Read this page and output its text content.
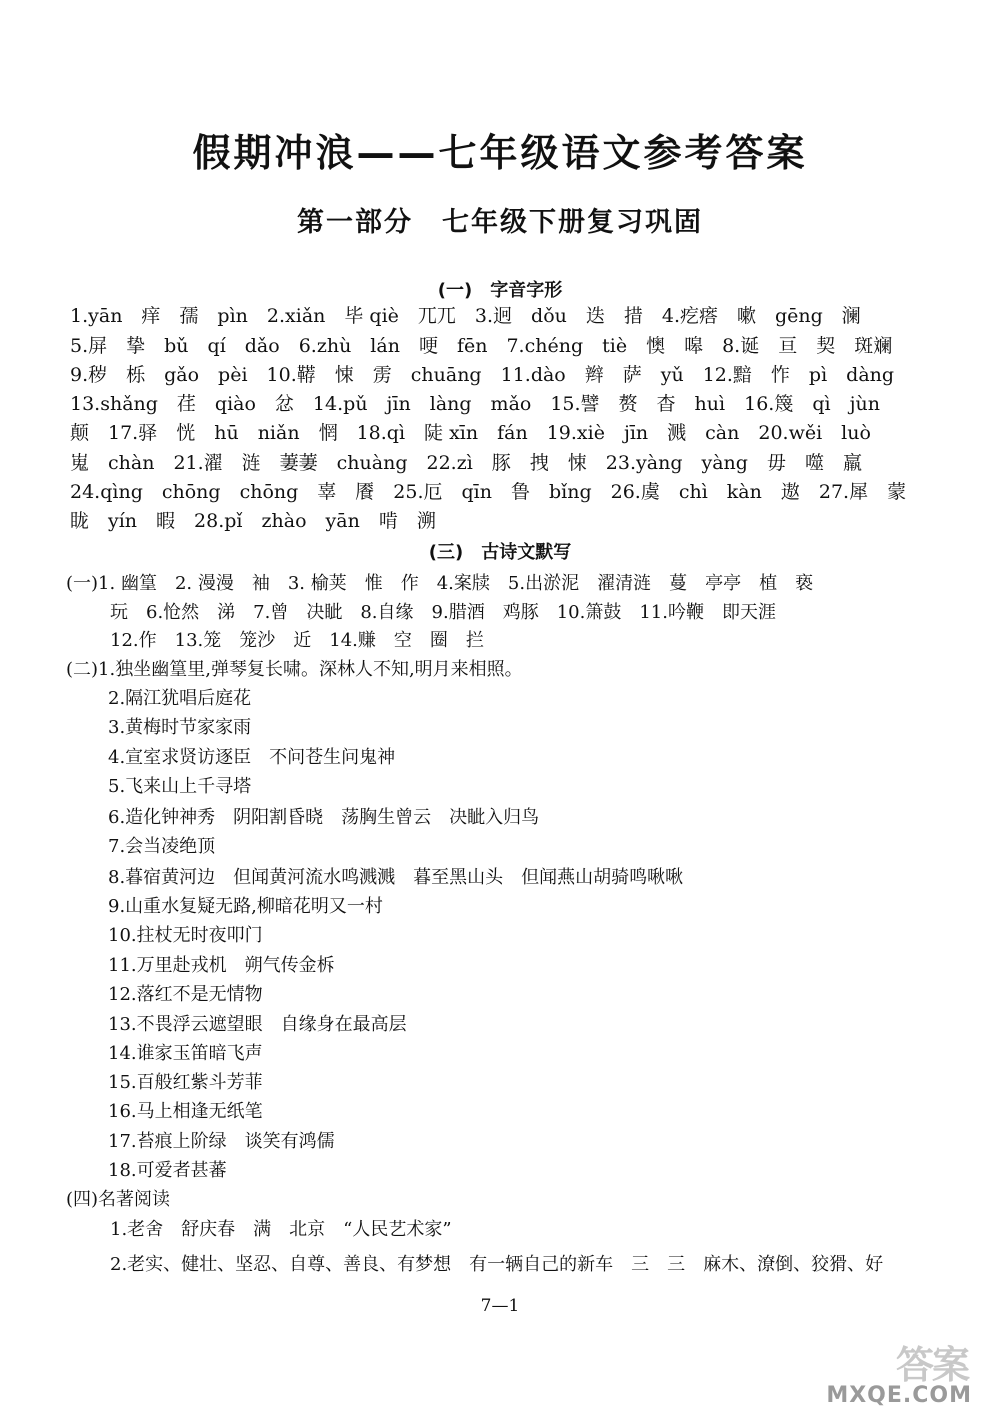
假期冲浪——七年级语文参考答案
第一部分　七年级下册复习巩固
(一)　字音字形
1.yān　痒　孺　pìn　2.xiǎn　毕 qiè　兀兀　3.迥　dǒu　迭　措　4.疙瘩　嗽　gēng　澜
5.屏　挚　bǔ　qí　dǎo　6.zhù　lán　哽　fēn　7.chéng　tiè　懊　嗥　8.诞　亘　契　斑斓
9.秽　栎　gǎo　pèi　10.鞯　悚　雳　chuāng　11.dào　辫　萨　yǔ　12.黯　怍　pì　dàng
13.shǎng　荏　qiào　忿　14.pǔ　jīn　làng　mǎo　15.譬　赘　杳　huì　16.篾　qì　jùn
颠　17.驿　恍　hū　niǎn　惘　18.qì　陡 xīn　fán　19.xiè　jīn　溅　càn　20.wěi　luò
嵬　chàn　21.濯　涟　萋萋　chuàng　22.zì　豚　拽　悚　23.yàng　yàng　毋　噬　羸
24.qìng　chōng　chōng　辜　餍　25.厄　qīn　鲁　bǐng　26.虞　chì　kàn　遨　27.犀　蒙
眬　yín　暇　28.pǐ　zhào　yān　啃　溯
(三)　古诗文默写
(一)1. 幽篁　2. 漫漫　袖　3. 榆荚　惟　作　4.案牍　5.出淤泥　濯清涟　蔓　亭亭　植　亵
玩　6.怆然　涕　7.曾　决眦　8.自缘　9.腊酒　鸡豚　10.箫鼓　11.吟鞭　即天涯
12.作　13.笼　笼沙　近　14.赚　空　圈　拦
(二)1.独坐幽篁里,弹琴复长啸。深林人不知,明月来相照。
2.隔江犹唱后庭花
3.黄梅时节家家雨
4.宣室求贤访逐臣　不问苍生问鬼神
5.飞来山上千寻塔
6.造化钟神秀　阴阳割昏晓　荡胸生曾云　决眦入归鸟
7.会当凌绝顶
8.暮宿黄河边　但闻黄河流水鸣溅溅　暮至黑山头　但闻燕山胡骑鸣啾啾
9.山重水复疑无路,柳暗花明又一村
10.拄杖无时夜叩门
11.万里赴戎机　朔气传金柝
12.落红不是无情物
13.不畏浮云遮望眼　自缘身在最高层
14.谁家玉笛暗飞声
15.百般红紫斗芳菲
16.马上相逢无纸笔
17.苔痕上阶绿　谈笑有鸿儒
18.可爱者甚蕃
(四)名著阅读
1.老舍　舒庆春　满　北京　“人民艺术家”
2.老实、健壮、坚忍、自尊、善良、有梦想　有一辆自己的新车　三　三　麻木、潦倒、狡猾、好
7—1
答案
MXQE.COM
